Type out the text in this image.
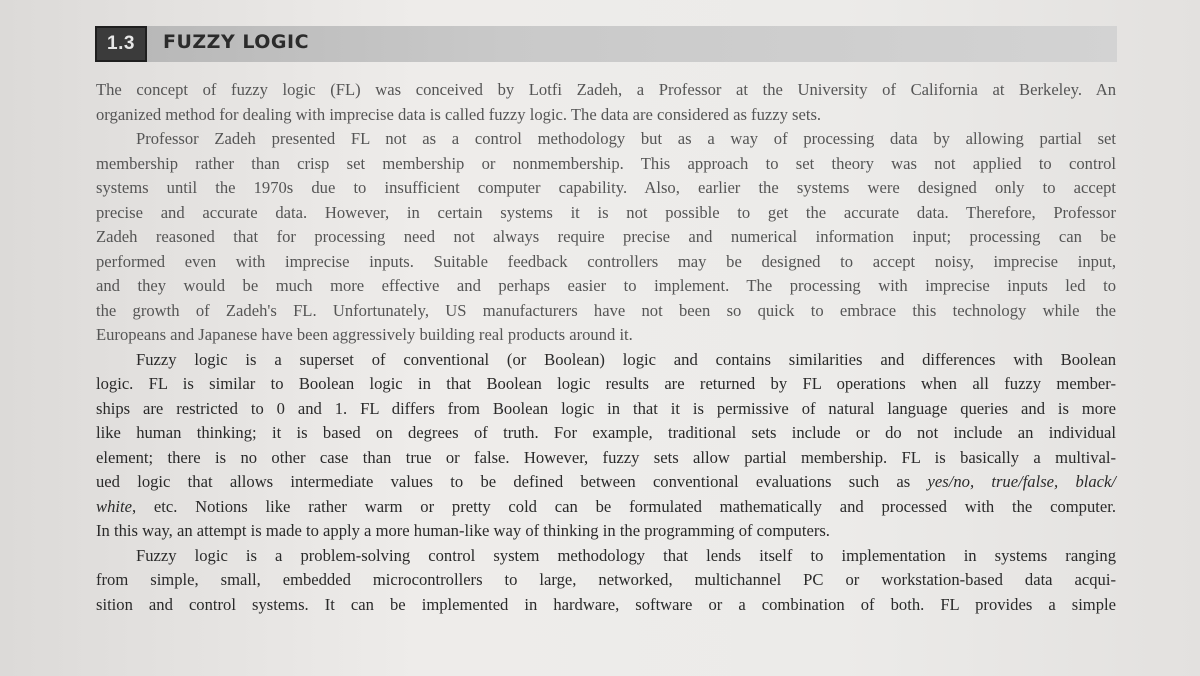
1.3 FUZZY LOGIC
The concept of fuzzy logic (FL) was conceived by Lotfi Zadeh, a Professor at the University of California at Berkeley. An
organized method for dealing with imprecise data is called fuzzy logic. The data are considered as fuzzy sets.
Professor Zadeh presented FL not as a control methodology but as a way of processing data by allowing partial set
membership rather than crisp set membership or nonmembership. This approach to set theory was not applied to control
systems until the 1970s due to insufficient computer capability. Also, earlier the systems were designed only to accept
precise and accurate data. However, in certain systems it is not possible to get the accurate data. Therefore, Professor
Zadeh reasoned that for processing need not always require precise and numerical information input; processing can be
performed even with imprecise inputs. Suitable feedback controllers may be designed to accept noisy, imprecise input,
and they would be much more effective and perhaps easier to implement. The processing with imprecise inputs led to
the growth of Zadeh's FL. Unfortunately, US manufacturers have not been so quick to embrace this technology while the
Europeans and Japanese have been aggressively building real products around it.
Fuzzy logic is a superset of conventional (or Boolean) logic and contains similarities and differences with Boolean
logic. FL is similar to Boolean logic in that Boolean logic results are returned by FL operations when all fuzzy member-
ships are restricted to 0 and 1. FL differs from Boolean logic in that it is permissive of natural language queries and is more
like human thinking; it is based on degrees of truth. For example, traditional sets include or do not include an individual
element; there is no other case than true or false. However, fuzzy sets allow partial membership. FL is basically a multival-
ued logic that allows intermediate values to be defined between conventional evaluations such as yes/no, true/false, black/
white, etc. Notions like rather warm or pretty cold can be formulated mathematically and processed with the computer.
In this way, an attempt is made to apply a more human-like way of thinking in the programming of computers.
Fuzzy logic is a problem-solving control system methodology that lends itself to implementation in systems ranging
from simple, small, embedded microcontrollers to large, networked, multichannel PC or workstation-based data acqui-
sition and control systems. It can be implemented in hardware, software or a combination of both. FL provides a simple
